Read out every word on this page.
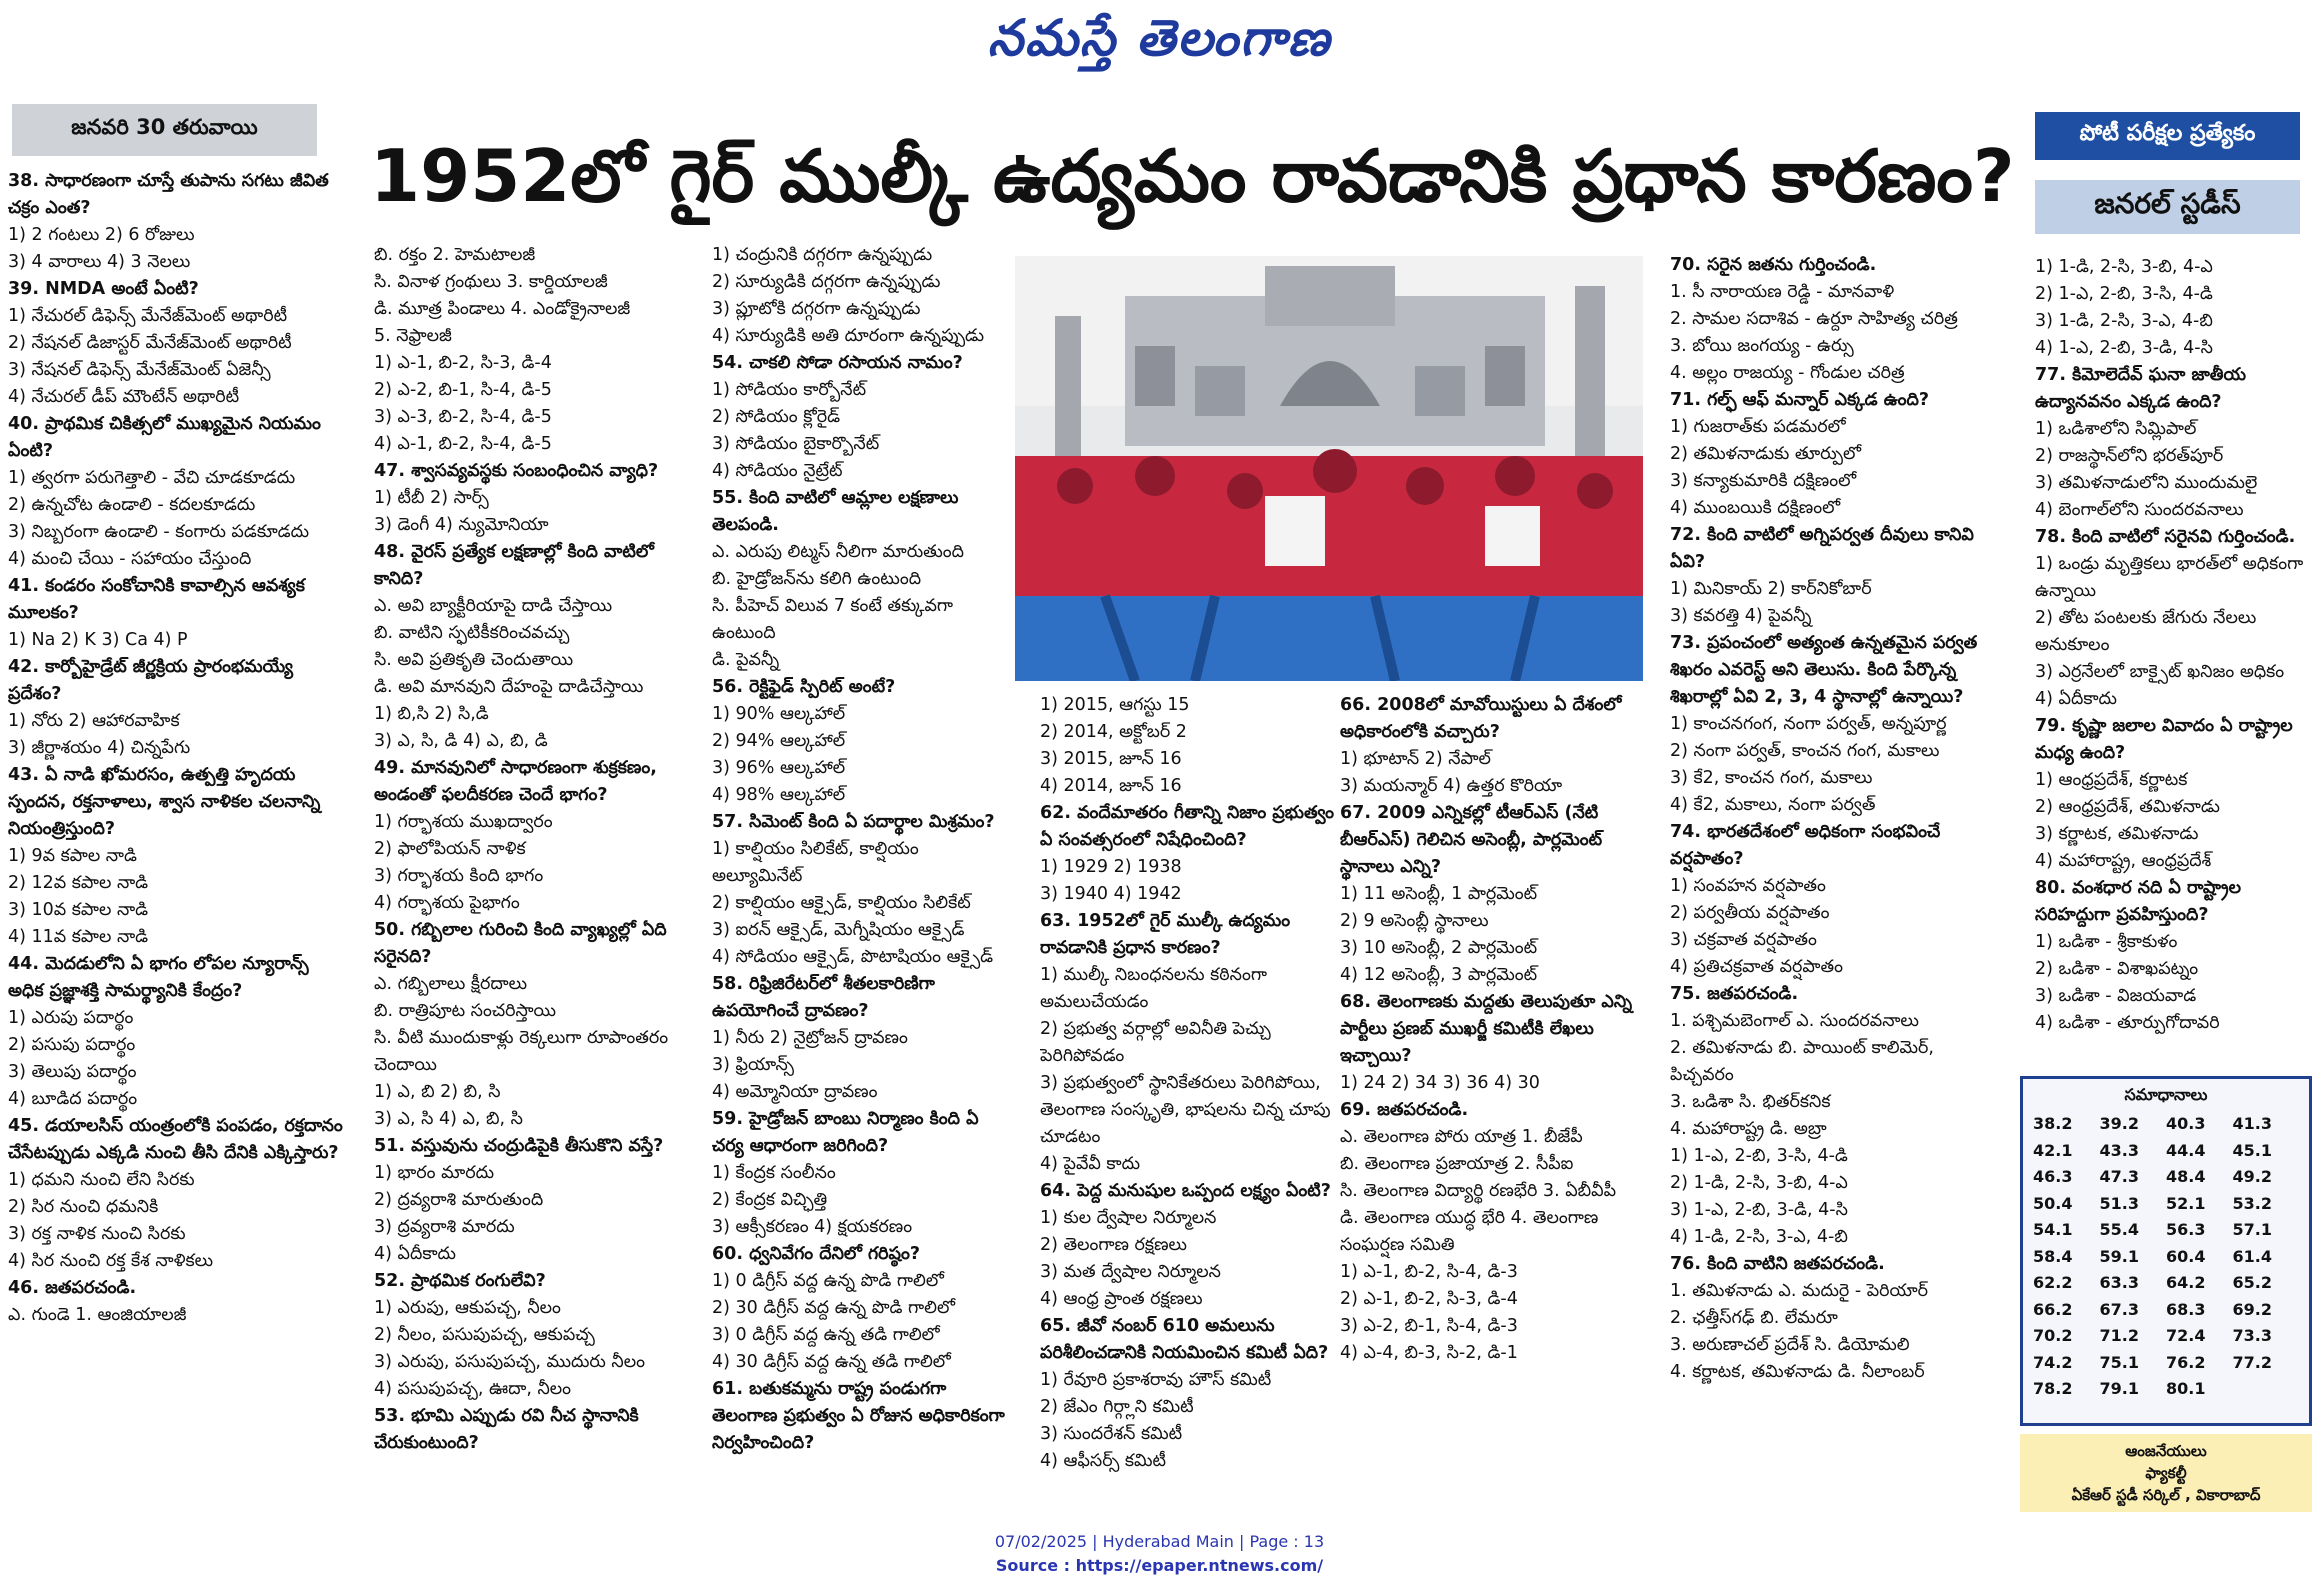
నమస్తే తెలంగాణ
జనవరి 30 తరువాయి
1952లో గైర్ ముల్కీ ఉద్యమం రావడానికి ప్రధాన కారణం?
పోటీ పరీక్షల ప్రత్యేకం
జనరల్ స్టడీస్
38. సాధారణంగా చూస్తే తుపాను సగటు జీవిత చక్రం ఎంత?
1) 2 గంటలు 2) 6 రోజులు
3) 4 వారాలు 4) 3 నెలలు
39. NMDA అంటే ఏంటి?
1) నేచురల్ డిఫెన్స్ మేనేజ్‌మెంట్ అథారిటీ
2) నేషనల్ డిజాస్టర్ మేనేజ్‌మెంట్ అథారిటీ
3) నేషనల్ డిఫెన్స్ మేనేజ్‌మెంట్ ఏజెన్సీ
4) నేచురల్ డీప్ మౌంటేన్ అథారిటీ
40. ప్రాథమిక చికిత్సలో ముఖ్యమైన నియమం ఏంటి?
1) త్వరగా పరుగెత్తాలి - వేచి చూడకూడదు
2) ఉన్నచోట ఉండాలి - కదలకూడదు
3) నిబ్బరంగా ఉండాలి - కంగారు పడకూడదు
4) మంచి చేయి - సహాయం చేస్తుంది
41. కండరం సంకోచానికి కావాల్సిన ఆవశ్యక మూలకం?
1) Na 2) K 3) Ca 4) P
42. కార్బోహైడ్రేట్ జీర్ణక్రియ ప్రారంభమయ్యే ప్రదేశం?
1) నోరు 2) ఆహారవాహిక
3) జీర్ణాశయం 4) చిన్నపేగు
43. ఏ నాడి ఖోమరసం, ఉత్పత్తి హృదయ స్పందన, రక్తనాళాలు, శ్వాస నాళికల చలనాన్ని నియంత్రిస్తుంది?
1) 9వ కపాల నాడి
2) 12వ కపాల నాడి
3) 10వ కపాల నాడి
4) 11వ కపాల నాడి
44. మెదడులోని ఏ భాగం లోపల న్యూరాన్స్ అధిక ప్రజ్ఞాశక్తి సామర్థ్యానికి కేంద్రం?
1) ఎరుపు పదార్థం
2) పసుపు పదార్థం
3) తెలుపు పదార్థం
4) బూడిద పదార్థం
45. డయాలసిస్ యంత్రంలోకి పంపడం, రక్తదానం చేసేటప్పుడు ఎక్కడి నుంచి తీసి దేనికి ఎక్కిస్తారు?
1) ధమని నుంచి లేని సిరకు
2) సిర నుంచి ధమనికి
3) రక్త నాళిక నుంచి సిరకు
4) సిర నుంచి రక్త కేశ నాళికలు
46. జతపరచండి.
ఎ. గుండె 1. ఆంజియాలజీ
బి. రక్తం 2. హెమటాలజీ
సి. వినాళ గ్రంథులు 3. కార్డియాలజీ
డి. మూత్ర పిండాలు 4. ఎండోక్రైనాలజీ
5. నెఫ్రాలజీ
1) ఎ-1, బి-2, సి-3, డి-4
2) ఎ-2, బి-1, సి-4, డి-5
3) ఎ-3, బి-2, సి-4, డి-5
4) ఎ-1, బి-2, సి-4, డి-5
47. శ్వాసవ్యవస్థకు సంబంధించిన వ్యాధి?
1) టీబీ 2) సార్స్
3) డెంగీ 4) న్యుమోనియా
48. వైరస్ ప్రత్యేక లక్షణాల్లో కింది వాటిలో కానిది?
ఎ. అవి బ్యాక్టీరియాపై దాడి చేస్తాయి
బి. వాటిని స్ఫటికీకరించవచ్చు
సి. అవి ప్రతికృతి చెందుతాయి
డి. అవి మానవుని దేహంపై దాడిచేస్తాయి
1) బి,సి 2) సి,డి
3) ఎ, సి, డి 4) ఎ, బి, డి
49. మానవునిలో సాధారణంగా శుక్రకణం, అండంతో ఫలదీకరణ చెందే భాగం?
1) గర్భాశయ ముఖద్వారం
2) ఫాలోపియన్ నాళిక
3) గర్భాశయ కింది భాగం
4) గర్భాశయ పైభాగం
50. గబ్బిలాల గురించి కింది వ్యాఖ్యల్లో ఏది సరైనది?
ఎ. గబ్బిలాలు క్షీరదాలు
బి. రాత్రిపూట సంచరిస్తాయి
సి. వీటి ముందుకాళ్లు రెక్కలుగా రూపాంతరం చెందాయి
1) ఎ, బి 2) బి, సి
3) ఎ, సి 4) ఎ, బి, సి
51. వస్తువును చంద్రుడిపైకి తీసుకొని వస్తే?
1) భారం మారదు
2) ద్రవ్యరాశి మారుతుంది
3) ద్రవ్యరాశి మారదు
4) ఏదీకాదు
52. ప్రాథమిక రంగులేవి?
1) ఎరుపు, ఆకుపచ్చ, నీలం
2) నీలం, పసుపుపచ్చ, ఆకుపచ్చ
3) ఎరుపు, పసుపుపచ్చ, ముదురు నీలం
4) పసుపుపచ్చ, ఊదా, నీలం
53. భూమి ఎప్పుడు రవి నీచ స్థానానికి చేరుకుంటుంది?
1) చంద్రునికి దగ్గరగా ఉన్నప్పుడు
2) సూర్యుడికి దగ్గరగా ఉన్నప్పుడు
3) ప్లూటోకి దగ్గరగా ఉన్నప్పుడు
4) సూర్యుడికి అతి దూరంగా ఉన్నప్పుడు
54. చాకలి సోడా రసాయన నామం?
1) సోడియం కార్బోనేట్
2) సోడియం క్లోరైడ్
3) సోడియం బైకార్బొనేట్
4) సోడియం నైట్రేట్
55. కింది వాటిలో ఆమ్లాల లక్షణాలు తెలపండి.
ఎ. ఎరుపు లిట్మస్ నీలిగా మారుతుంది
బి. హైడ్రోజన్‌ను కలిగి ఉంటుంది
సి. పీహెచ్ విలువ 7 కంటే తక్కువగా ఉంటుంది
డి. పైవన్నీ
56. రెక్టిఫైడ్ స్పిరిట్ అంటే?
1) 90% ఆల్కహాల్
2) 94% ఆల్కహాల్
3) 96% ఆల్కహాల్
4) 98% ఆల్కహాల్
57. సిమెంట్ కింది ఏ పదార్థాల మిశ్రమం?
1) కాల్షియం సిలికేట్, కాల్షియం అల్యూమినేట్
2) కాల్షియం ఆక్సైడ్, కాల్షియం సిలికేట్
3) ఐరన్ ఆక్సైడ్, మెగ్నీషియం ఆక్సైడ్
4) సోడియం ఆక్సైడ్, పొటాషియం ఆక్సైడ్
58. రిఫ్రిజిరేటర్‌లో శీతలకారిణిగా ఉపయోగించే ద్రావణం?
1) నీరు 2) నైట్రోజన్ ద్రావణం
3) ఫ్రియాన్స్
4) అమ్మోనియా ద్రావణం
59. హైడ్రోజన్ బాంబు నిర్మాణం కింది ఏ చర్య ఆధారంగా జరిగింది?
1) కేంద్రక సంలీనం
2) కేంద్రక విచ్ఛిత్తి
3) ఆక్సీకరణం 4) క్షయకరణం
60. ధ్వనివేగం దేనిలో గరిష్ఠం?
1) 0 డిగ్రీస్ వద్ద ఉన్న పొడి గాలిలో
2) 30 డిగ్రీస్ వద్ద ఉన్న పొడి గాలిలో
3) 0 డిగ్రీస్ వద్ద ఉన్న తడి గాలిలో
4) 30 డిగ్రీస్ వద్ద ఉన్న తడి గాలిలో
61. బతుకమ్మను రాష్ట్ర పండుగగా తెలంగాణ ప్రభుత్వం ఏ రోజున అధికారికంగా నిర్వహించింది?
1) 2015, ఆగస్టు 15
2) 2014, అక్టోబర్ 2
3) 2015, జూన్ 16
4) 2014, జూన్ 16
62. వందేమాతరం గీతాన్ని నిజాం ప్రభుత్వం ఏ సంవత్సరంలో నిషేధించింది?
1) 1929 2) 1938
3) 1940 4) 1942
63. 1952లో గైర్ ముల్కీ ఉద్యమం రావడానికి ప్రధాన కారణం?
1) ముల్కీ నిబంధనలను కఠినంగా అమలుచేయడం
2) ప్రభుత్వ వర్గాల్లో అవినీతి పెచ్చు పెరిగిపోవడం
3) ప్రభుత్వంలో స్థానికేతరులు పెరిగిపోయి, తెలంగాణ సంస్కృతి, భాషలను చిన్న చూపు చూడటం
4) పైవేవీ కాదు
64. పెద్ద మనుషుల ఒప్పంద లక్ష్యం ఏంటి?
1) కుల ద్వేషాల నిర్మూలన
2) తెలంగాణ రక్షణలు
3) మత ద్వేషాల నిర్మూలన
4) ఆంధ్ర ప్రాంత రక్షణలు
65. జీవో నంబర్ 610 అమలును పరిశీలించడానికి నియమించిన కమిటీ ఏది?
1) రేవూరి ప్రకాశరావు హౌస్ కమిటీ
2) జేఎం గిర్గ్లాని కమిటీ
3) సుందరేశన్ కమిటీ
4) ఆఫీసర్స్ కమిటీ
66. 2008లో మావోయిస్టులు ఏ దేశంలో అధికారంలోకి వచ్చారు?
1) భూటాన్ 2) నేపాల్
3) మయన్మార్ 4) ఉత్తర కొరియా
67. 2009 ఎన్నికల్లో టీఆర్ఎస్ (నేటి బీఆర్ఎస్) గెలిచిన అసెంబ్లీ, పార్లమెంట్ స్థానాలు ఎన్ని?
1) 11 అసెంబ్లీ, 1 పార్లమెంట్
2) 9 అసెంబ్లీ స్థానాలు
3) 10 అసెంబ్లీ, 2 పార్లమెంట్
4) 12 అసెంబ్లీ, 3 పార్లమెంట్
68. తెలంగాణకు మద్దతు తెలుపుతూ ఎన్ని పార్టీలు ప్రణబ్ ముఖర్జీ కమిటీకి లేఖలు ఇచ్చాయి?
1) 24 2) 34 3) 36 4) 30
69. జతపరచండి.
ఎ. తెలంగాణ పోరు యాత్ర 1. బీజేపీ
బి. తెలంగాణ ప్రజాయాత్ర 2. సీపీఐ
సి. తెలంగాణ విద్యార్థి రణభేరి 3. ఏబీవీపీ
డి. తెలంగాణ యుద్ధ భేరి 4. తెలంగాణ సంఘర్షణ సమితి
1) ఎ-1, బి-2, సి-4, డి-3
2) ఎ-1, బి-2, సి-3, డి-4
3) ఎ-2, బి-1, సి-4, డి-3
4) ఎ-4, బి-3, సి-2, డి-1
70. సరైన జతను గుర్తించండి.
1. సీ నారాయణ రెడ్డి - మానవాళి
2. సామల సదాశివ - ఉర్దూ సాహిత్య చరిత్ర
3. బోయి జంగయ్య - ఉర్సు
4. అల్లం రాజయ్య - గోండుల చరిత్ర
71. గల్ఫ్ ఆఫ్ మన్నార్ ఎక్కడ ఉంది?
1) గుజరాత్‌కు పడమరలో
2) తమిళనాడుకు తూర్పులో
3) కన్యాకుమారికి దక్షిణంలో
4) ముంబయికి దక్షిణంలో
72. కింది వాటిలో అగ్నిపర్వత దీవులు కానివి ఏవి?
1) మినికాయ్ 2) కార్‌నికోబార్
3) కవరత్తి 4) పైవన్నీ
73. ప్రపంచంలో అత్యంత ఉన్నతమైన పర్వత శిఖరం ఎవరెస్ట్ అని తెలుసు. కింది పేర్కొన్న శిఖరాల్లో ఏవి 2, 3, 4 స్థానాల్లో ఉన్నాయి?
1) కాంచనగంగ, నంగా పర్వత్, అన్నపూర్ణ
2) నంగా పర్వత్, కాంచన గంగ, మకాలు
3) కే2, కాంచన గంగ, మకాలు
4) కే2, మకాలు, నంగా పర్వత్
74. భారతదేశంలో అధికంగా సంభవించే వర్షపాతం?
1) సంవహన వర్షపాతం
2) పర్వతీయ వర్షపాతం
3) చక్రవాత వర్షపాతం
4) ప్రతిచక్రవాత వర్షపాతం
75. జతపరచండి.
1. పశ్చిమబెంగాల్ ఎ. సుందరవనాలు
2. తమిళనాడు బి. పాయింట్ కాలిమెర్, పిచ్చవరం
3. ఒడిశా సి. భితర్‌కనిక
4. మహారాష్ట్ర డి. అబ్రా
1) 1-ఎ, 2-బి, 3-సి, 4-డి
2) 1-డి, 2-సి, 3-బి, 4-ఎ
3) 1-ఎ, 2-బి, 3-డి, 4-సి
4) 1-డి, 2-సి, 3-ఎ, 4-బి
76. కింది వాటిని జతపరచండి.
1. తమిళనాడు ఎ. మదురై - పెరియార్
2. ఛత్తీస్‌గఢ్ బి. లేమరూ
3. అరుణాచల్ ప్రదేశ్ సి. డియోమలి
4. కర్ణాటక, తమిళనాడు డి. నీలాంబర్
1) 1-డి, 2-సి, 3-బి, 4-ఎ
2) 1-ఎ, 2-బి, 3-సి, 4-డి
3) 1-డి, 2-సి, 3-ఎ, 4-బి
4) 1-ఎ, 2-బి, 3-డి, 4-సి
77. కిమోలెదేవ్ ఘనా జాతీయ ఉద్యానవనం ఎక్కడ ఉంది?
1) ఒడిశాలోని సిమ్లిపాల్
2) రాజస్థాన్‌లోని భరత్‌పూర్
3) తమిళనాడులోని ముందుమలై
4) బెంగాల్‌లోని సుందరవనాలు
78. కింది వాటిలో సరైనవి గుర్తించండి.
1) ఒండ్రు మృత్తికలు భారత్‌లో అధికంగా ఉన్నాయి
2) తోట పంటలకు జేగురు నేలలు అనుకూలం
3) ఎర్రనేలలో బాక్సైట్ ఖనిజం అధికం
4) ఏదీకాదు
79. కృష్ణా జలాల వివాదం ఏ రాష్ట్రాల మధ్య ఉంది?
1) ఆంధ్రప్రదేశ్, కర్ణాటక
2) ఆంధ్రప్రదేశ్, తమిళనాడు
3) కర్ణాటక, తమిళనాడు
4) మహారాష్ట్ర, ఆంధ్రప్రదేశ్
80. వంశధార నది ఏ రాష్ట్రాల సరిహద్దుగా ప్రవహిస్తుంది?
1) ఒడిశా - శ్రీకాకుళం
2) ఒడిశా - విశాఖపట్నం
3) ఒడిశా - విజయవాడ
4) ఒడిశా - తూర్పుగోదావరి
సమాధానాలు
38.2	39.2	40.3	41.3
42.1	43.3	44.4	45.1
46.3	47.3	48.4	49.2
50.4	51.3	52.1	53.2
54.1	55.4	56.3	57.1
58.4	59.1	60.4	61.4
62.2	63.3	64.2	65.2
66.2	67.3	68.3	69.2
70.2	71.2	72.4	73.3
74.2	75.1	76.2	77.2
78.2	79.1	80.1
ఆంజనేయులు
ఫ్యాకల్టీ
ఏకేఆర్ స్టడీ సర్కిల్ , వికారాబాద్
07/02/2025 | Hyderabad Main | Page : 13
Source : https://epaper.ntnews.com/
